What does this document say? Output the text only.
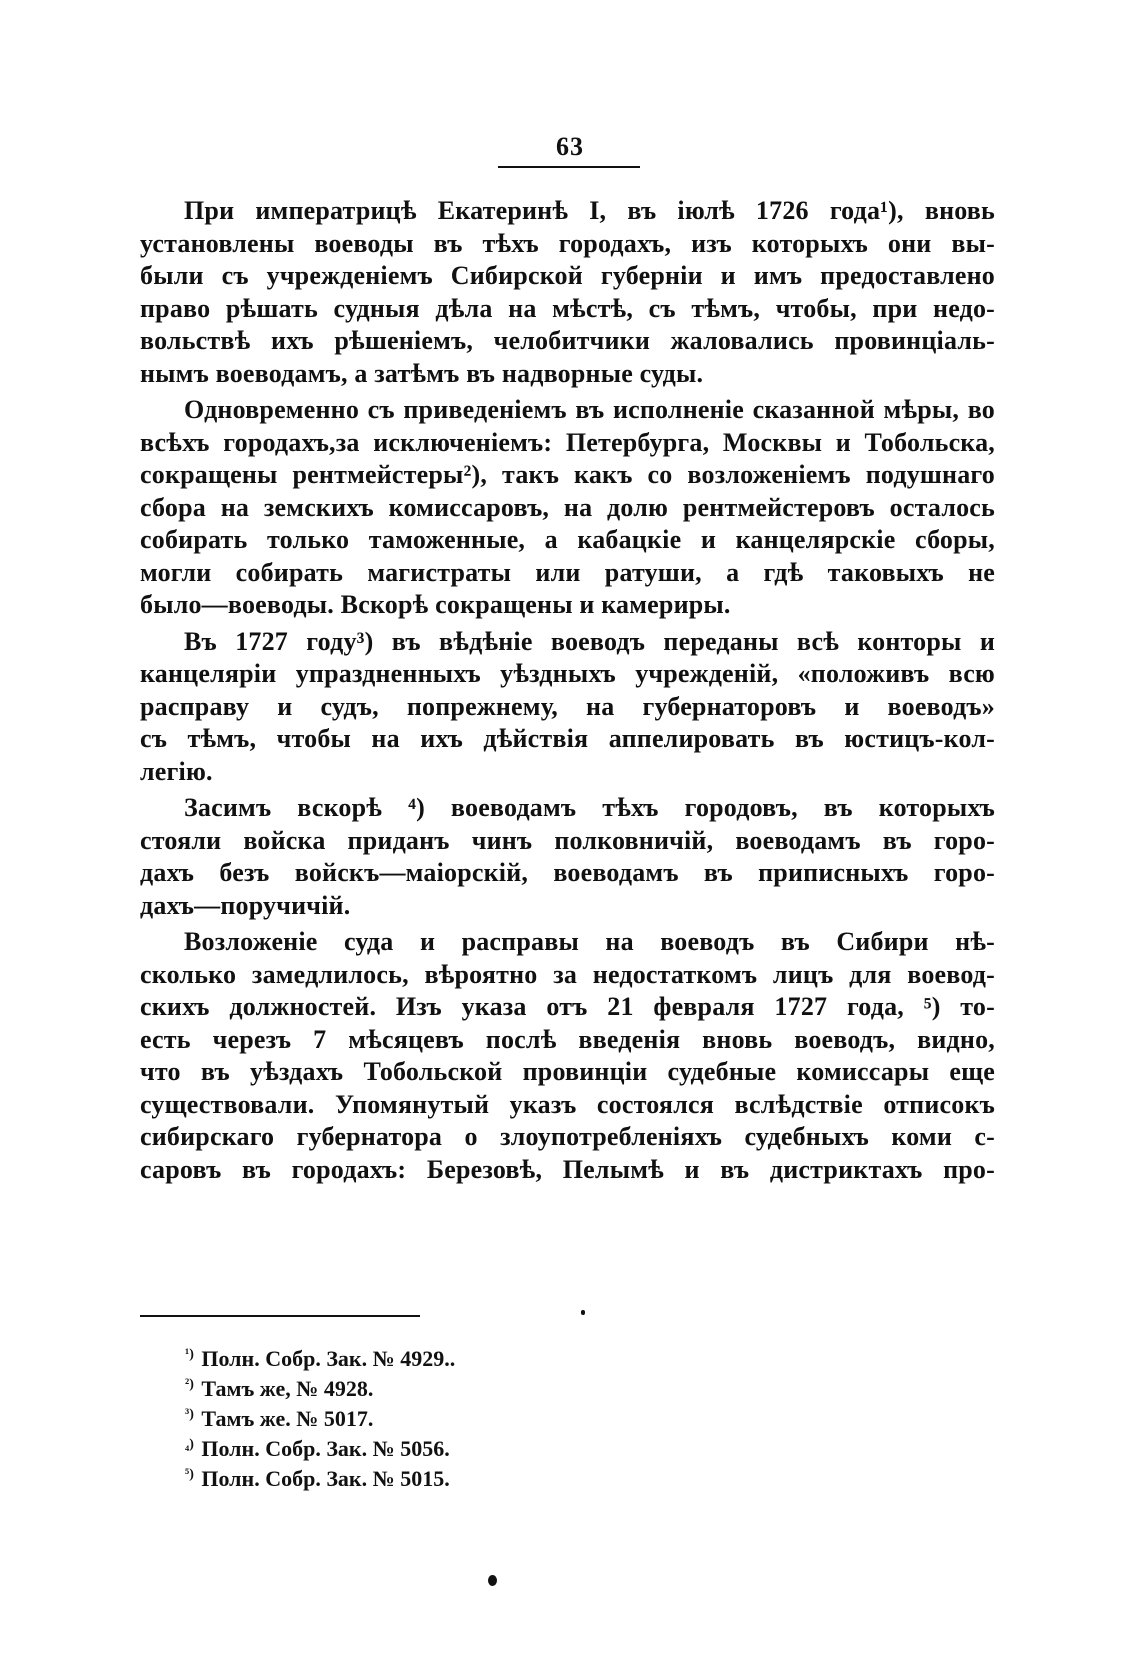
63
При императрицѣ Екатеринѣ I, въ іюлѣ 1726 года¹), вновь
установлены воеводы въ тѣхъ городахъ, изъ которыхъ они вы-
были съ учрежденіемъ Сибирской губерніи и имъ предоставлено
право рѣшать судныя дѣла на мѣстѣ, съ тѣмъ, чтобы, при недо-
вольствѣ ихъ рѣшеніемъ, челобитчики жаловались провинціаль-
нымъ воеводамъ, а затѣмъ въ надворные суды.
Одновременно съ приведеніемъ въ исполненіе сказанной мѣры, во
всѣхъ городахъ,за исключеніемъ: Петербурга, Москвы и Тобольска,
сокращены рентмейстеры²), такъ какъ со возложеніемъ подушнаго
сбора на земскихъ комиссаровъ, на долю рентмейстеровъ осталось
собирать только таможенные, а кабацкіе и канцелярскіе сборы,
могли собирать магистраты или ратуши, а гдѣ таковыхъ не
было—воеводы. Вскорѣ сокращены и камериры.
Въ 1727 году³) въ вѣдѣніе воеводъ переданы всѣ конторы и
канцеляріи упраздненныхъ уѣздныхъ учрежденій, «положивъ всю
расправу и судъ, попрежнему, на губернаторовъ и воеводъ»
съ тѣмъ, чтобы на ихъ дѣйствія аппелировать въ юстицъ-кол-
легію.
Засимъ вскорѣ ⁴) воеводамъ тѣхъ городовъ, въ которыхъ
стояли войска приданъ чинъ полковничій, воеводамъ въ горо-
дахъ безъ войскъ—маіорскій, воеводамъ въ приписныхъ горо-
дахъ—поручичій.
Возложеніе суда и расправы на воеводъ въ Сибири нѣ-
сколько замедлилось, вѣроятно за недостаткомъ лицъ для воевод-
скихъ должностей. Изъ указа отъ 21 февраля 1727 года, ⁵) то-
есть черезъ 7 мѣсяцевъ послѣ введенія вновь воеводъ, видно,
что въ уѣздахъ Тобольской провинціи судебные комиссары еще
существовали. Упомянутый указъ состоялся вслѣдствіе отписокъ
сибирскаго губернатора о злоупотребленіяхъ судебныхъ коми с-
саровъ въ городахъ: Березовѣ, Пелымѣ и въ дистриктахъ про-
$^{^1)}$ Полн. Собр. Зак. № 4929..
$^{^2)}$ Тамъ же, № 4928.
$^{^3)}$ Тамъ же. № 5017.
$^{_4)}$ Полн. Собр. Зак. № 5056.
$^{^5)}$ Полн. Собр. Зак. № 5015.
